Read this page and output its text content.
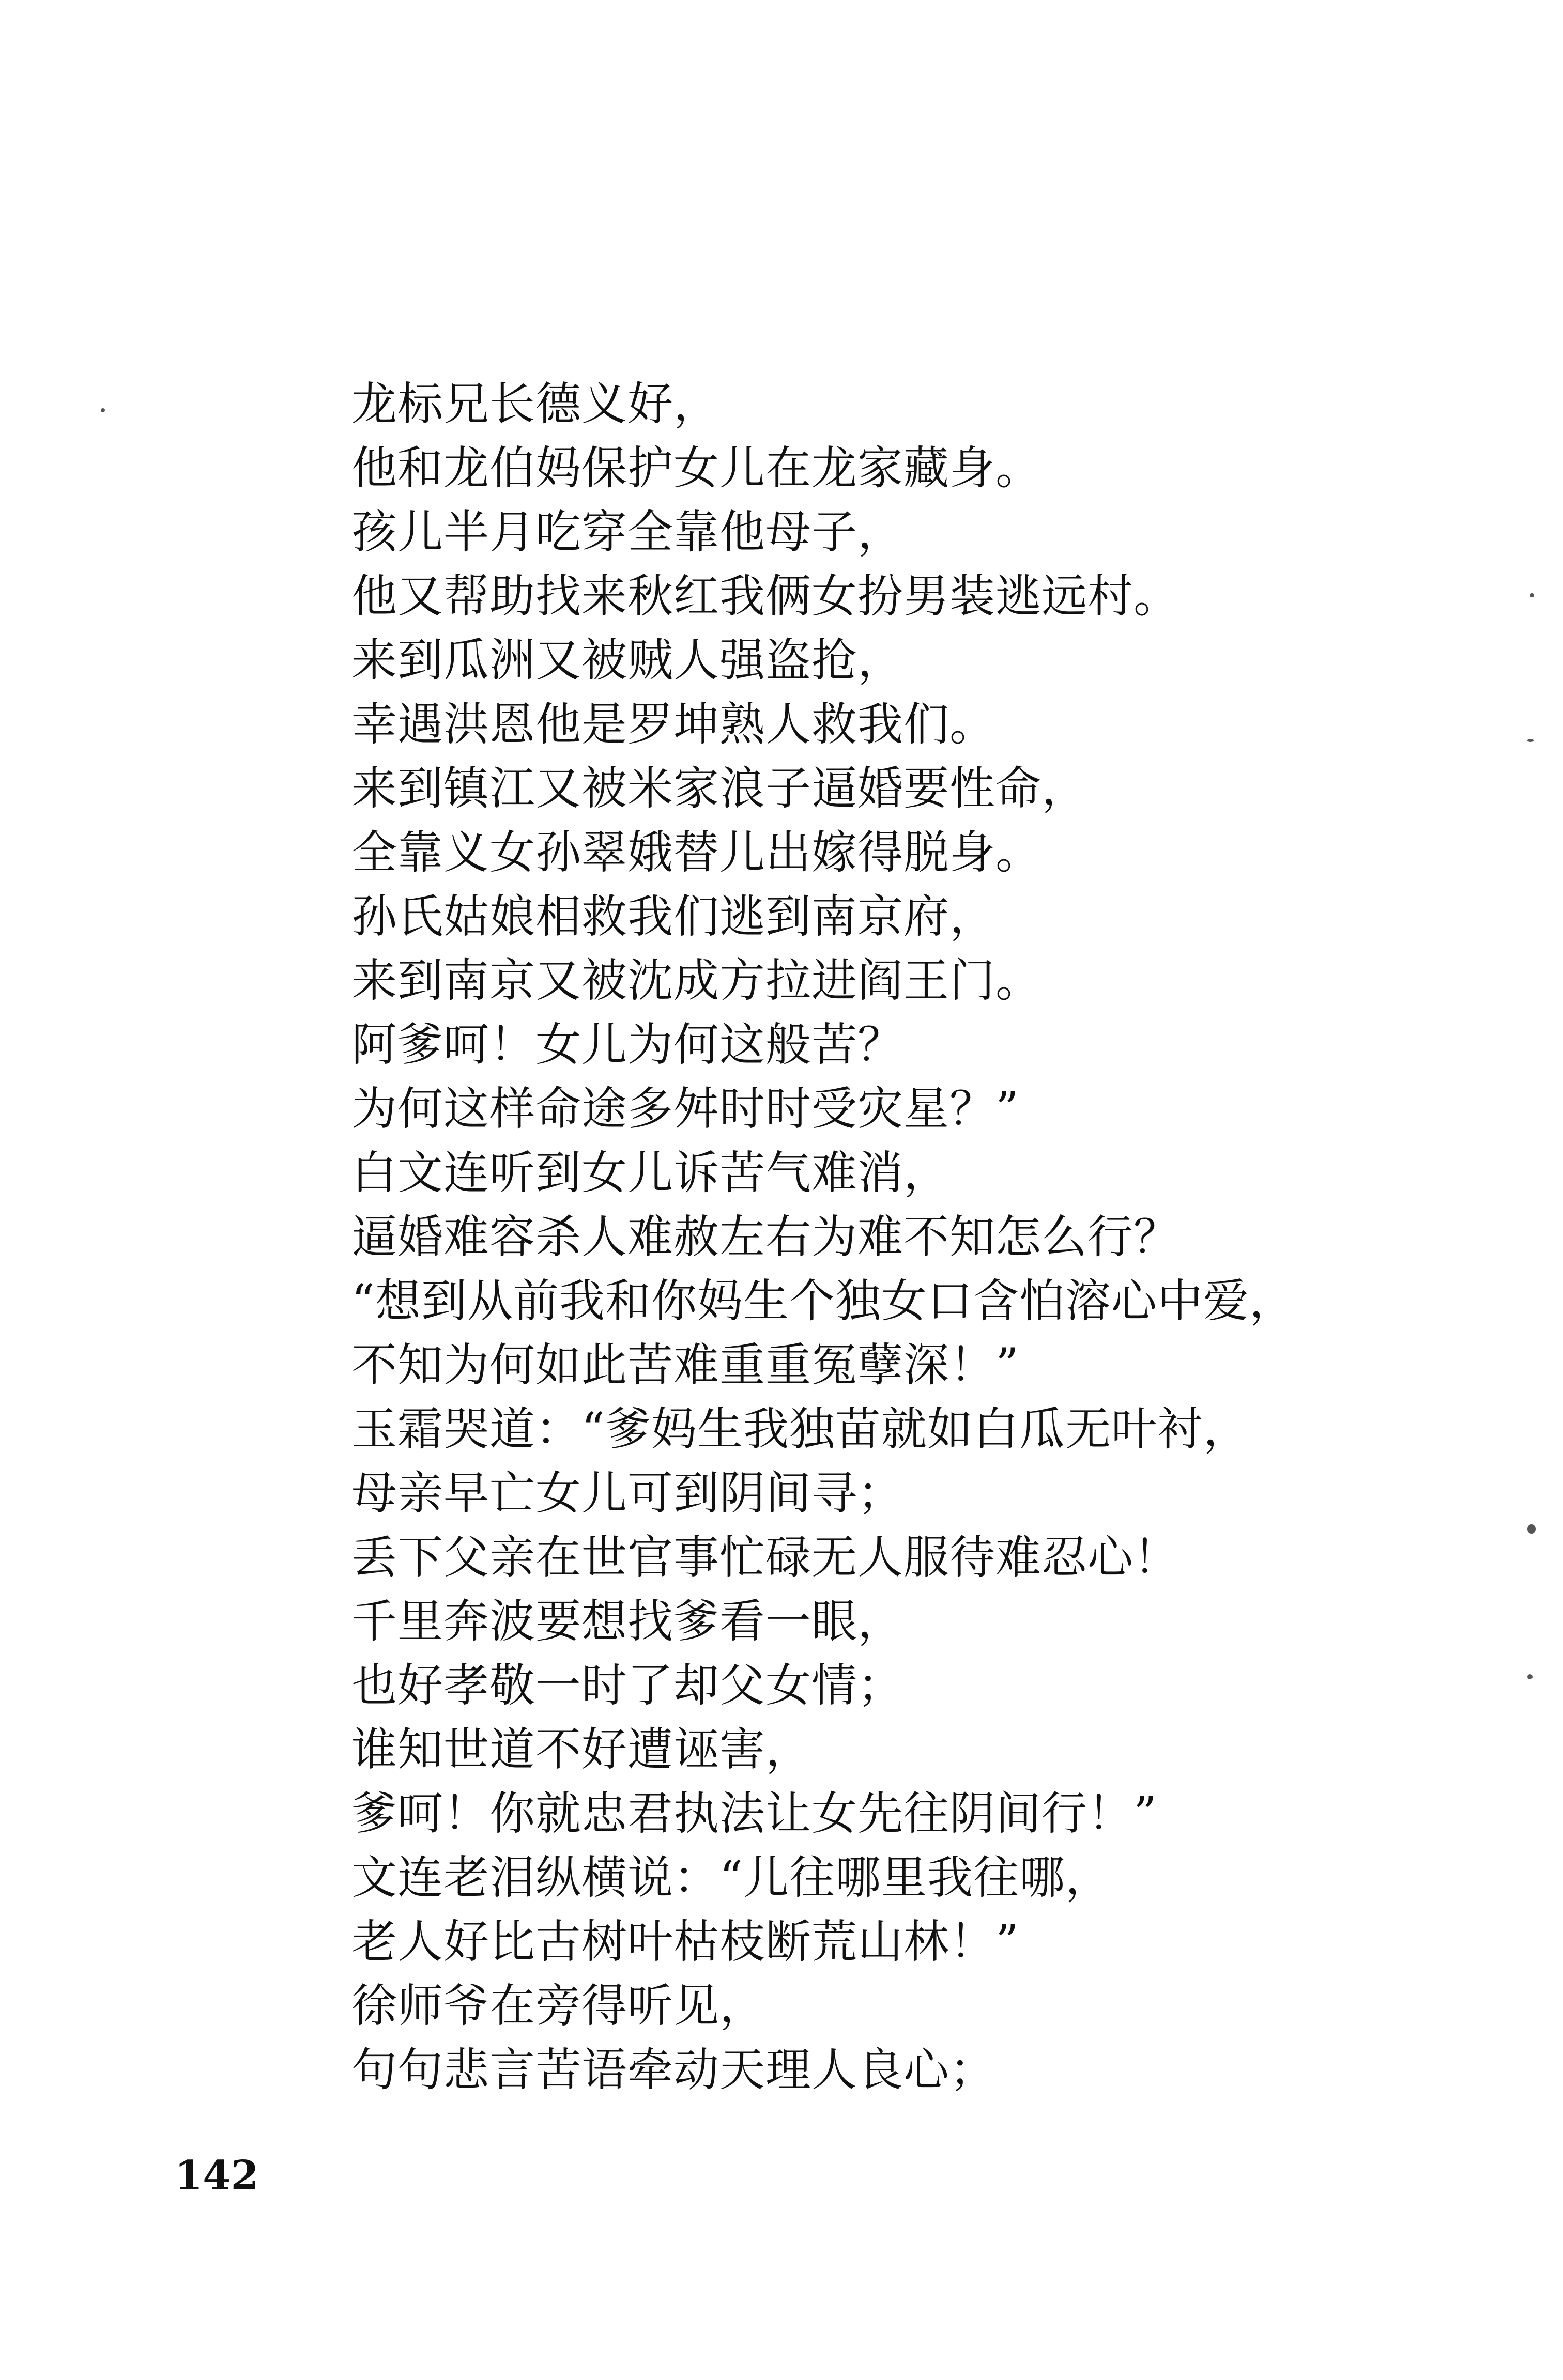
龙标兄长德义好，
他和龙伯妈保护女儿在龙家藏身。
孩儿半月吃穿全靠他母子，
他又帮助找来秋红我俩女扮男装逃远村。
来到瓜洲又被贼人强盗抢，
幸遇洪恩他是罗坤熟人救我们。
来到镇江又被米家浪子逼婚要性命，
全靠义女孙翠娥替儿出嫁得脱身。
孙氏姑娘相救我们逃到南京府，
来到南京又被沈成方拉进阎王门。
阿爹呵！女儿为何这般苦？
为何这样命途多舛时时受灾星？”
白文连听到女儿诉苦气难消，
逼婚难容杀人难赦左右为难不知怎么行？
“想到从前我和你妈生个独女口含怕溶心中爱，
不知为何如此苦难重重冤孽深！”
玉霜哭道：“爹妈生我独苗就如白瓜无叶衬，
母亲早亡女儿可到阴间寻；
丢下父亲在世官事忙碌无人服待难忍心！
千里奔波要想找爹看一眼，
也好孝敬一时了却父女情；
谁知世道不好遭诬害，
爹呵！你就忠君执法让女先往阴间行！”
文连老泪纵横说：“儿往哪里我往哪，
老人好比古树叶枯枝断荒山林！”
徐师爷在旁得听见，
句句悲言苦语牵动天理人良心；
142
